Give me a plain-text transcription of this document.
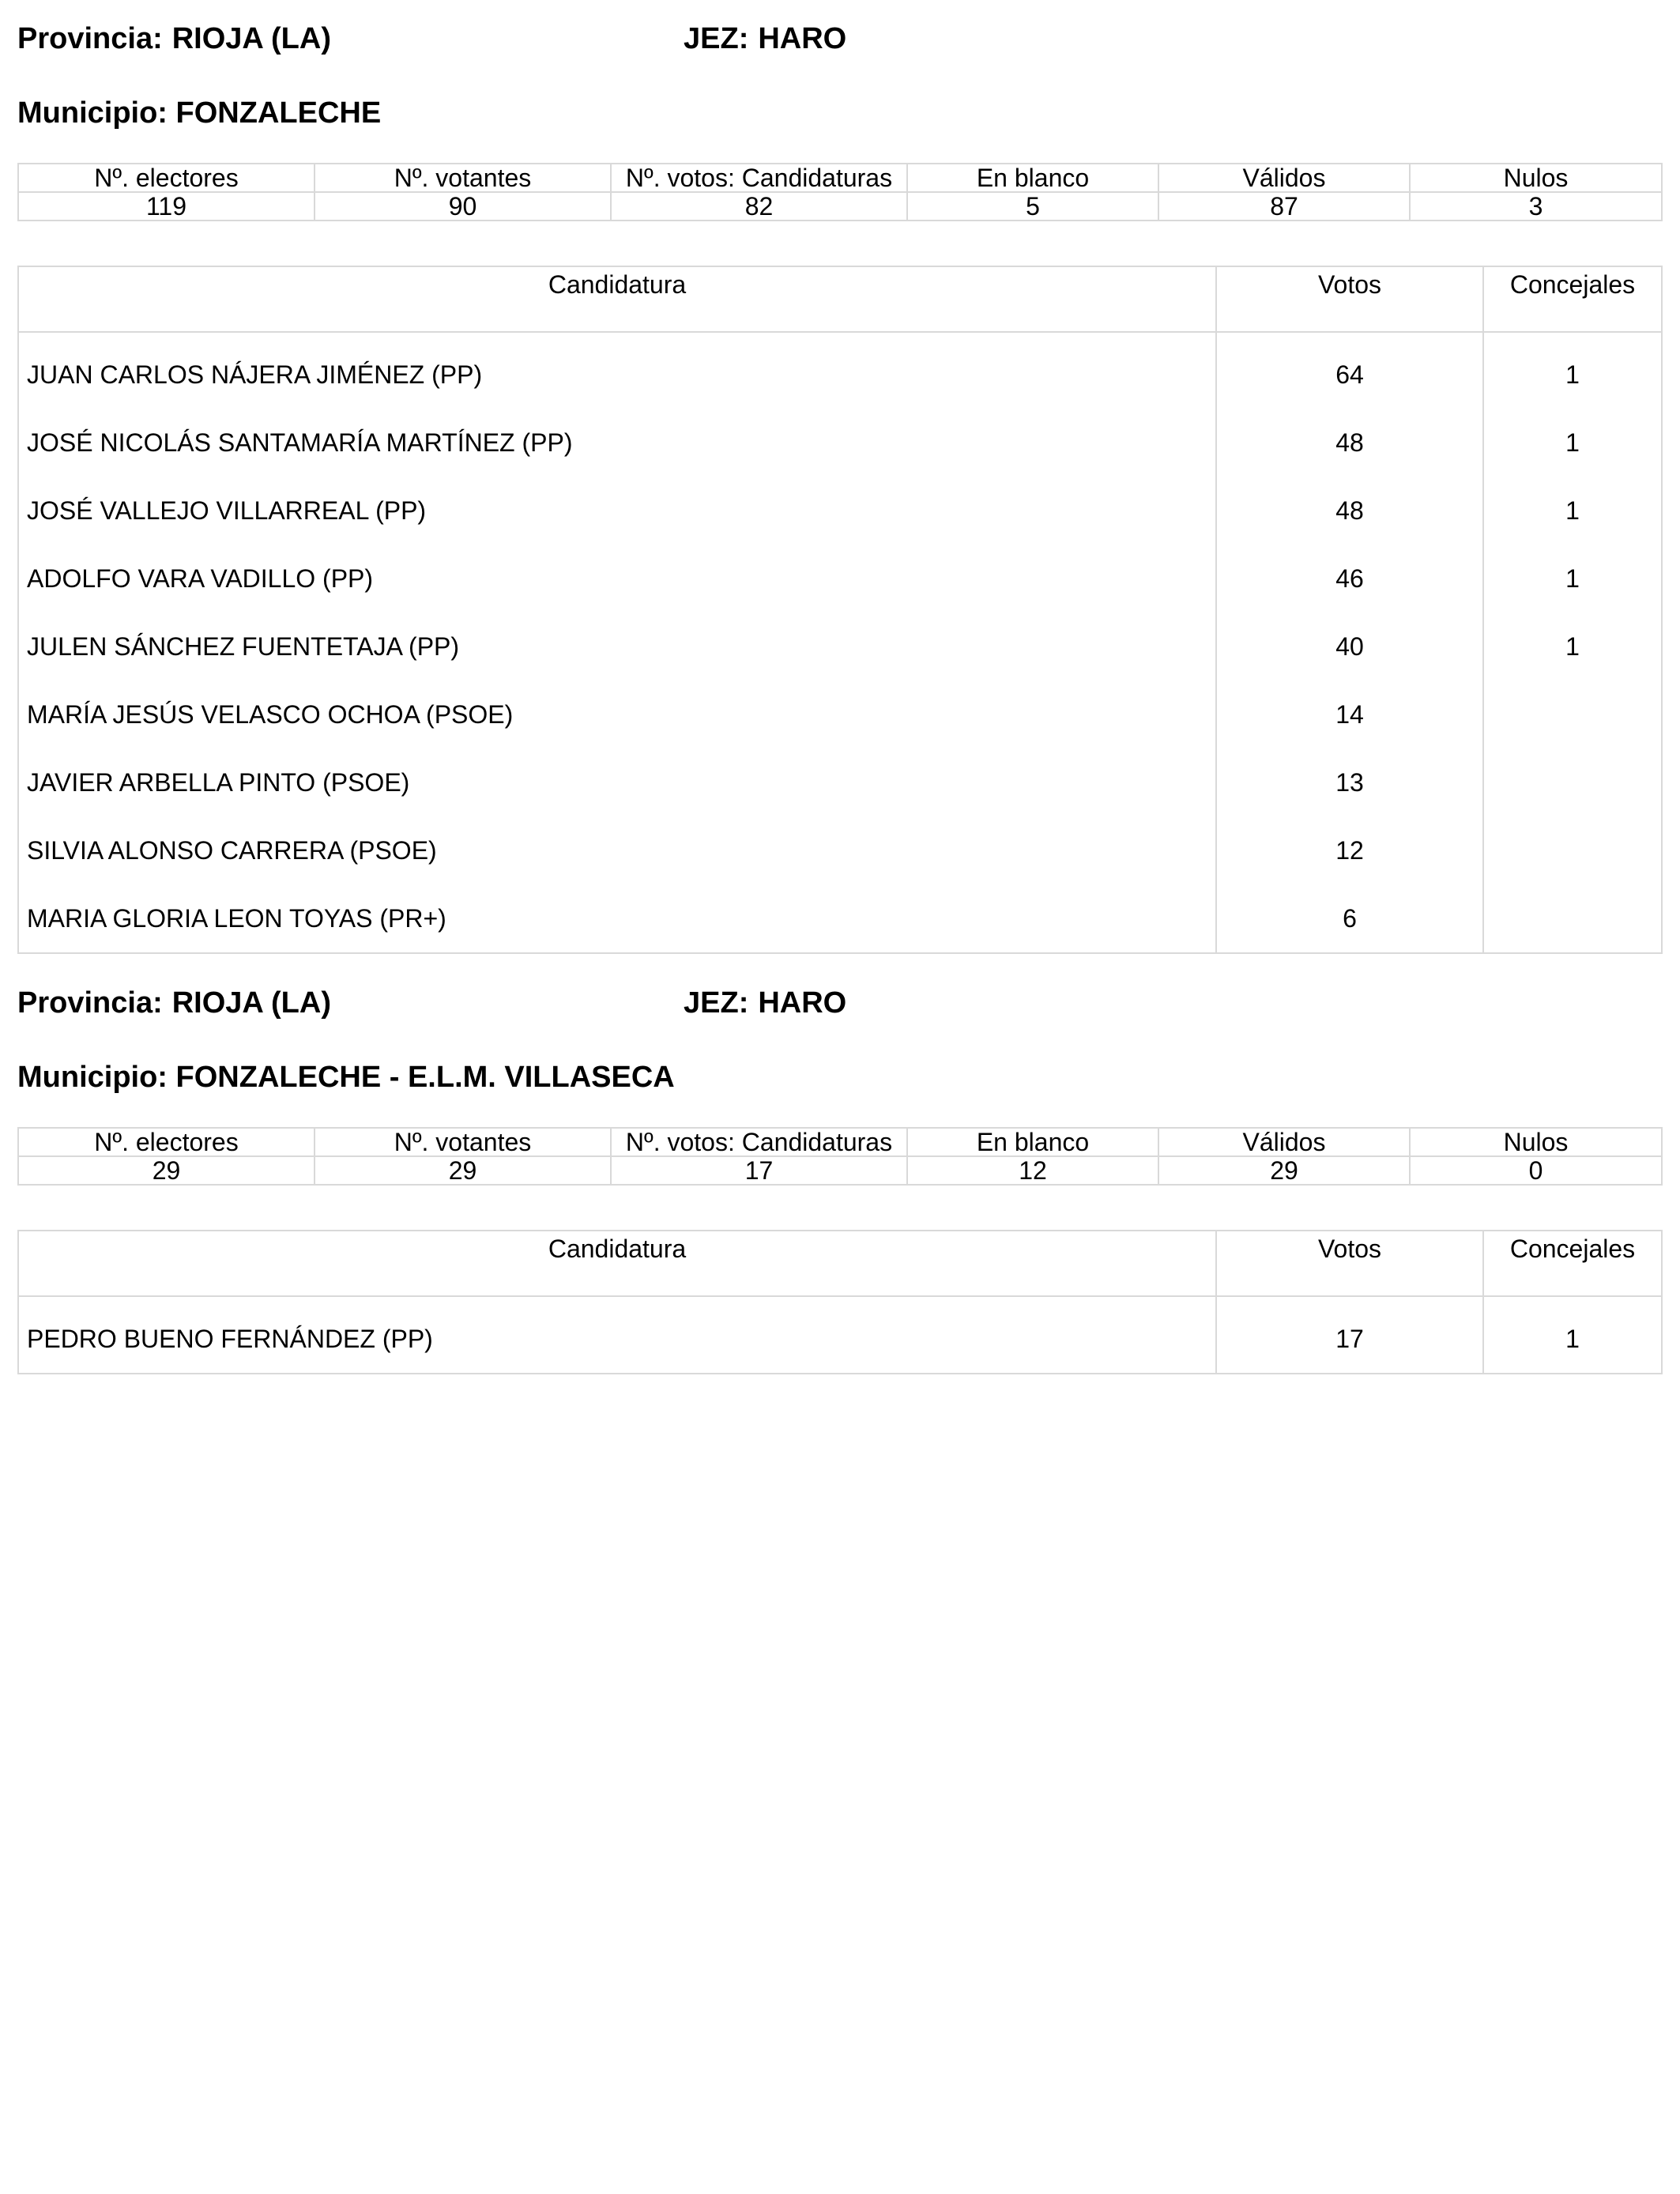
Provincia: RIOJA (LA)	JEZ: HARO
Municipio: FONZALECHE
Nº. electores	Nº. votantes	Nº. votos: Candidaturas	En blanco	Válidos	Nulos
119	90	82	5	87	3
Candidatura	Votos	Concejales
JUAN CARLOS NÁJERA JIMÉNEZ (PP)	64	1
JOSÉ NICOLÁS SANTAMARÍA MARTÍNEZ (PP)	48	1
JOSÉ VALLEJO VILLARREAL (PP)	48	1
ADOLFO VARA VADILLO (PP)	46	1
JULEN SÁNCHEZ FUENTETAJA (PP)	40	1
MARÍA JESÚS VELASCO OCHOA (PSOE)	14	
JAVIER ARBELLA PINTO (PSOE)	13	
SILVIA ALONSO CARRERA (PSOE)	12	
MARIA GLORIA LEON TOYAS (PR+)	6	
Provincia: RIOJA (LA)	JEZ: HARO
Municipio: FONZALECHE - E.L.M. VILLASECA
Nº. electores	Nº. votantes	Nº. votos: Candidaturas	En blanco	Válidos	Nulos
29	29	17	12	29	0
Candidatura	Votos	Concejales
PEDRO BUENO FERNÁNDEZ (PP)	17	1
